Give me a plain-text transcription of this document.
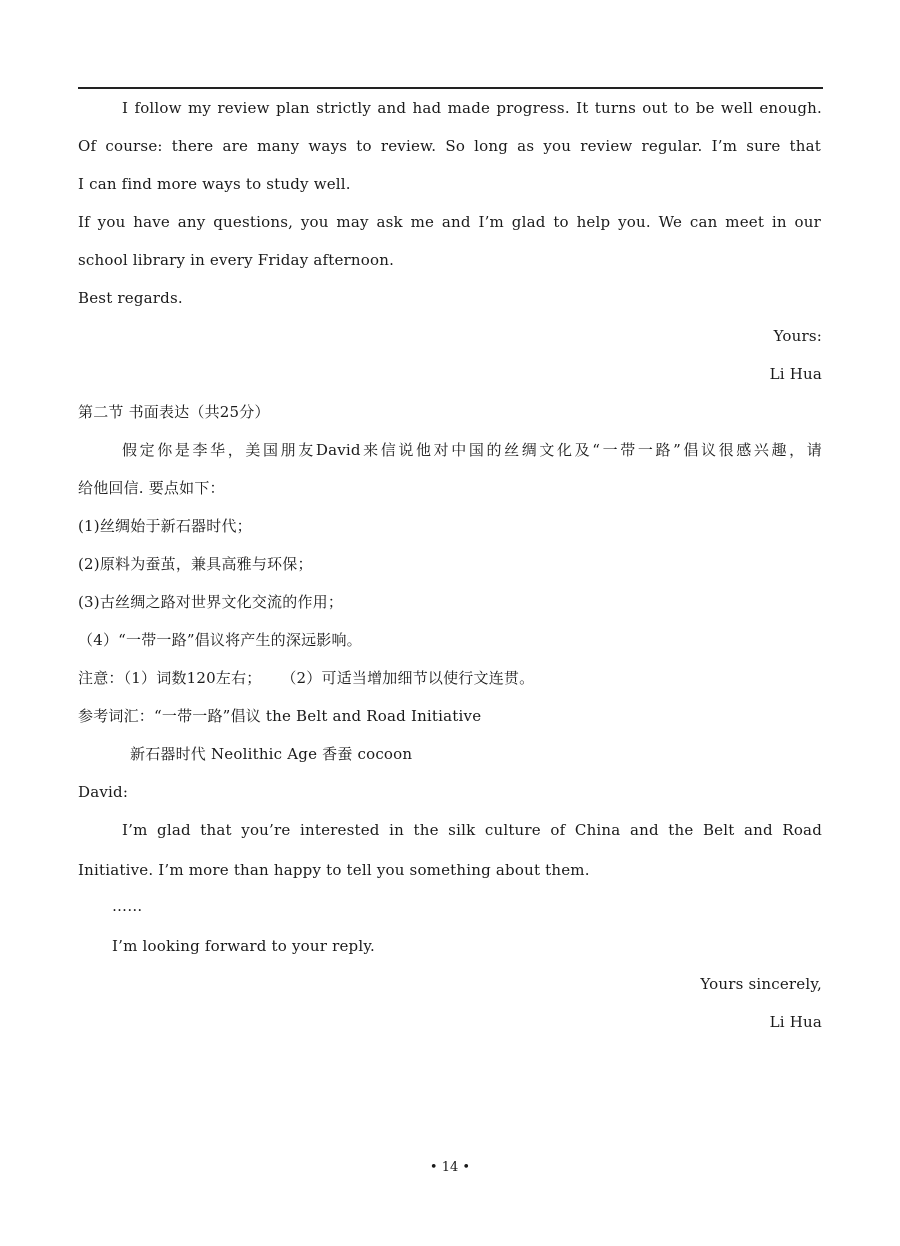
I follow my review plan strictly and had made progress. It turns out to be well enough.
Of course: there are many ways to review. So long as you review regular. I’m sure that
I can find more ways to study well.
If you have any questions, you may ask me and I’m glad to help you. We can meet in our
school library in every Friday afternoon.
Best regards.
Yours:
Li Hua
第二节 书面表达（共25分）
假定你是李华，美国朋友David来信说他对中国的丝绸文化及“一带一路”倡议很感兴趣，请
给他回信. 要点如下：
(1)丝绸始于新石器时代；
(2)原料为蚕茧，兼具高雅与环保；
(3)古丝绸之路对世界文化交流的作用；
（4）“一带一路”倡议将产生的深远影响。
注意：（1）词数120左右；    （2）可适当增加细节以使行文连贯。
参考词汇：“一带一路”倡议 the Belt and Road Initiative
新石器时代 Neolithic Age 香蚕 cocoon
David:
I’m glad that you’re interested in the silk culture of China and the Belt and Road
Initiative. I’m more than happy to tell you something about them.
……
I’m looking forward to your reply.
Yours sincerely,
Li Hua
• 14 •
